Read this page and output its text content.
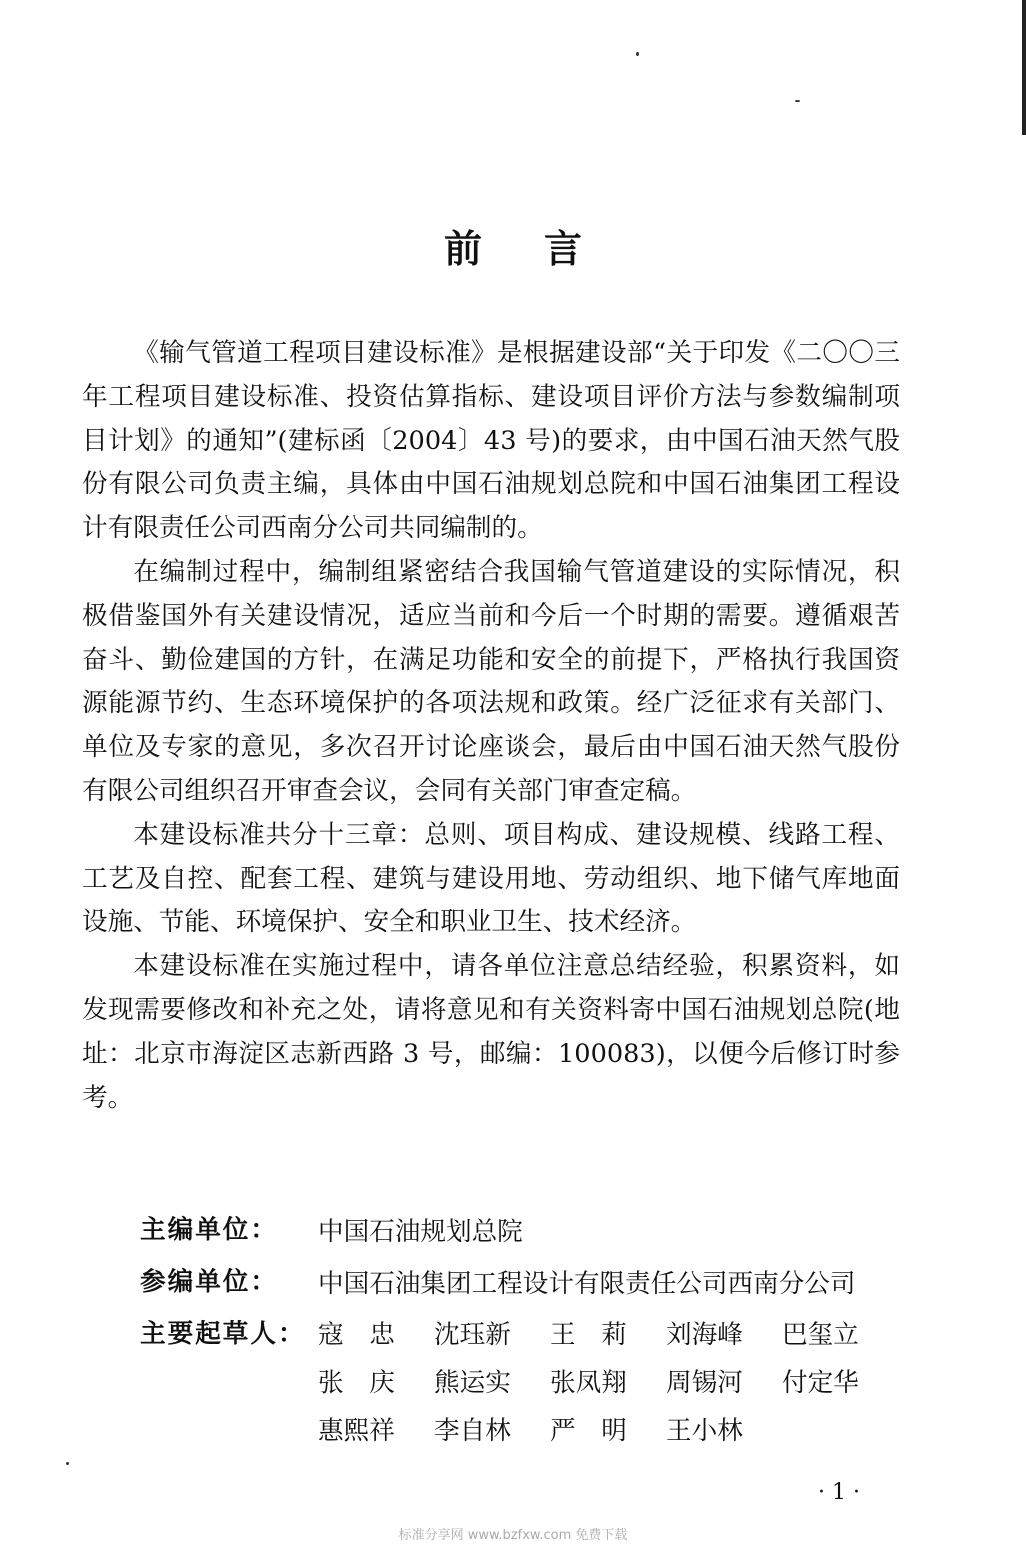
前言

《输气管道工程项目建设标准》是根据建设部“关于印发《二〇〇三年工程项目建设标准、投资估算指标、建设项目评价方法与参数编制项目计划》的通知”(建标函〔2004〕43 号)的要求，由中国石油天然气股份有限公司负责主编，具体由中国石油规划总院和中国石油集团工程设计有限责任公司西南分公司共同编制的。

在编制过程中，编制组紧密结合我国输气管道建设的实际情况，积极借鉴国外有关建设情况，适应当前和今后一个时期的需要。遵循艰苦奋斗、勤俭建国的方针，在满足功能和安全的前提下，严格执行我国资源能源节约、生态环境保护的各项法规和政策。经广泛征求有关部门、单位及专家的意见，多次召开讨论座谈会，最后由中国石油天然气股份有限公司组织召开审查会议，会同有关部门审查定稿。

本建设标准共分十三章：总则、项目构成、建设规模、线路工程、工艺及自控、配套工程、建筑与建设用地、劳动组织、地下储气库地面设施、节能、环境保护、安全和职业卫生、技术经济。

本建设标准在实施过程中，请各单位注意总结经验，积累资料，如发现需要修改和补充之处，请将意见和有关资料寄中国石油规划总院(地址：北京市海淀区志新西路 3 号，邮编：100083)，以便今后修订时参考。

主编单位：	中国石油规划总院
参编单位：	中国石油集团工程设计有限责任公司西南分公司
主要起草人： 寇　忠	沈珏新	王　莉	刘海峰	巴玺立
张　庆	熊运实	张凤翔	周锡河	付定华
惠熙祥	李自林	严　明	王小林
· 1 ·
标准分享网 www.bzfxw.com 免费下载
